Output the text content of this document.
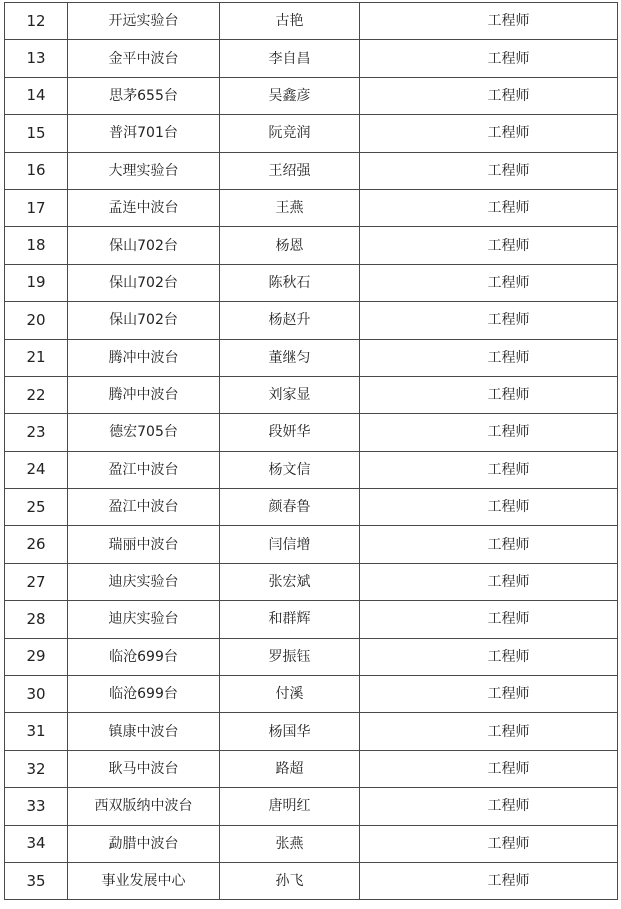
12	开远实验台	古艳	工程师
13	金平中波台	李自昌	工程师
14	思茅655台	吴鑫彦	工程师
15	普洱701台	阮竞润	工程师
16	大理实验台	王绍强	工程师
17	孟连中波台	王燕	工程师
18	保山702台	杨恩	工程师
19	保山702台	陈秋石	工程师
20	保山702台	杨赵升	工程师
21	腾冲中波台	董继匀	工程师
22	腾冲中波台	刘家显	工程师
23	德宏705台	段妍华	工程师
24	盈江中波台	杨文信	工程师
25	盈江中波台	颜春鲁	工程师
26	瑞丽中波台	闫信增	工程师
27	迪庆实验台	张宏斌	工程师
28	迪庆实验台	和群辉	工程师
29	临沧699台	罗振钰	工程师
30	临沧699台	付溪	工程师
31	镇康中波台	杨国华	工程师
32	耿马中波台	路超	工程师
33	西双版纳中波台	唐明红	工程师
34	勐腊中波台	张燕	工程师
35	事业发展中心	孙飞	工程师
